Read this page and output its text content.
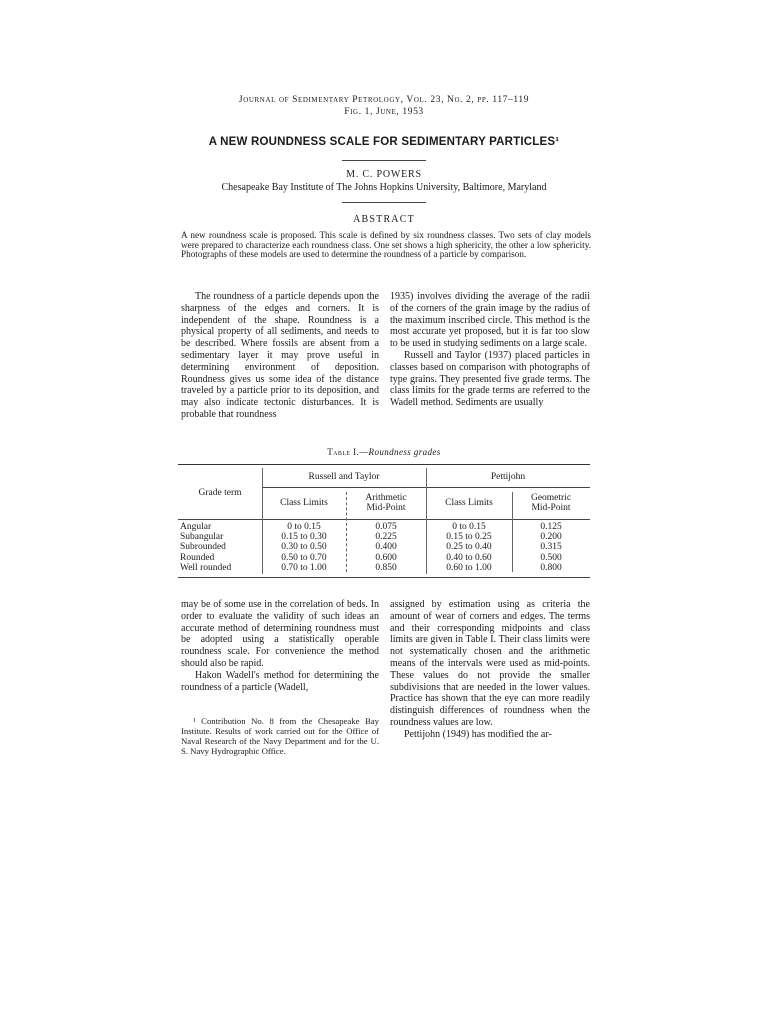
Journal of Sedimentary Petrology, Vol. 23, No. 2, pp. 117–119
Fig. 1, June, 1953
A NEW ROUNDNESS SCALE FOR SEDIMENTARY PARTICLES¹
M. C. POWERS
Chesapeake Bay Institute of The Johns Hopkins University, Baltimore, Maryland
ABSTRACT
A new roundness scale is proposed. This scale is defined by six roundness classes. Two sets of clay models were prepared to characterize each roundness class. One set shows a high sphericity, the other a low sphericity. Photographs of these models are used to determine the roundness of a particle by comparison.

The roundness of a particle depends upon the sharpness of the edges and corners. It is independent of the shape. Roundness is a physical property of all sediments, and needs to be described. Where fossils are absent from a sedimentary layer it may prove useful in determining environment of deposition. Roundness gives us some idea of the distance traveled by a particle prior to its deposition, and may also indicate tectonic disturbances. It is probable that roundness

1935) involves dividing the average of the radii of the corners of the grain image by the radius of the maximum inscribed circle. This method is the most accurate yet proposed, but it is far too slow to be used in studying sediments on a large scale.

Russell and Taylor (1937) placed particles in classes based on comparison with photographs of type grains. They presented five grade terms. The class limits for the grade terms are referred to the Wadell method. Sediments are usually

Table I.—Roundness grades
Russell and Taylor	Pettijohn
Grade term
Class Limits	Arithmetic
Mid-Point
Class Limits	Geometric
Mid-Point
Angular	0 to 0.15	0.075	0 to 0.15	0.125
Subangular	0.15 to 0.30	0.225	0.15 to 0.25	0.200
Subrounded	0.30 to 0.50	0.400	0.25 to 0.40	0.315
Rounded	0.50 to 0.70	0.600	0.40 to 0.60	0.500
Well rounded	0.70 to 1.00	0.850	0.60 to 1.00	0.800

may be of some use in the correlation of beds. In order to evaluate the validity of such ideas an accurate method of determining roundness must be adopted using a statistically operable roundness scale. For convenience the method should also be rapid.

Hakon Wadell's method for determining the roundness of a particle (Wadell,

assigned by estimation using as criteria the amount of wear of corners and edges. The terms and their corresponding midpoints and class limits are given in Table I. Their class limits were not systematically chosen and the arithmetic means of the intervals were used as mid-points. These values do not provide the smaller subdivisions that are needed in the lower values. Practice has shown that the eye can more readily distinguish differences of roundness when the roundness values are low.

Pettijohn (1949) has modified the ar-

¹ Contribution No. 8 from the Chesapeake Bay Institute. Results of work carried out for the Office of Naval Research of the Navy Department and for the U. S. Navy Hydrographic Office.
